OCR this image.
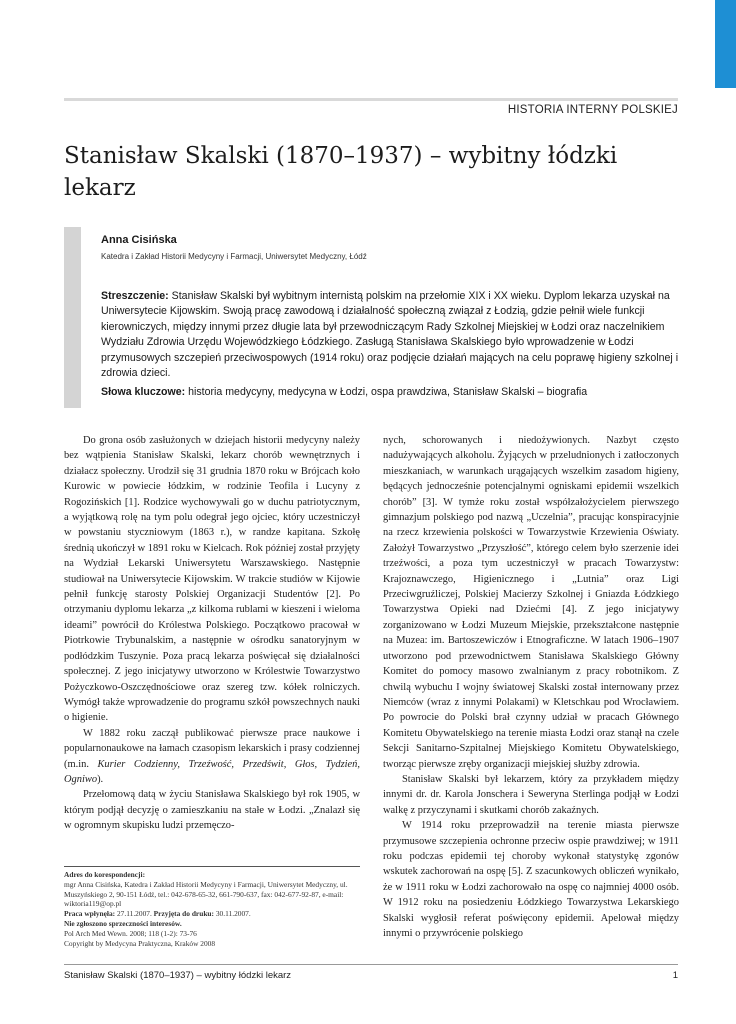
HISTORIA INTERNY POLSKIEJ
Stanisław Skalski (1870–1937) – wybitny łódzki lekarz
Anna Cisińska
Katedra i Zakład Historii Medycyny i Farmacji, Uniwersytet Medyczny, Łódź

Streszczenie: Stanisław Skalski był wybitnym internistą polskim na przełomie XIX i XX wieku. Dyplom lekarza uzyskał na Uniwersytecie Kijowskim. Swoją pracę zawodową i działalność społeczną związał z Łodzią, gdzie pełnił wiele funkcji kierowniczych, między innymi przez długie lata był przewodniczącym Rady Szkolnej Miejskiej w Łodzi oraz naczelnikiem Wydziału Zdrowia Urzędu Wojewódzkiego Łódzkiego. Zasługą Stanisława Skalskiego było wprowadzenie w Łodzi przymusowych szczepień przeciwospowych (1914 roku) oraz podjęcie działań mających na celu poprawę higieny szkolnej i zdrowia dzieci.

Słowa kluczowe: historia medycyny, medycyna w Łodzi, ospa prawdziwa, Stanisław Skalski – biografia

Do grona osób zasłużonych w dziejach historii medycyny należy bez wątpienia Stanisław Skalski, lekarz chorób wewnętrznych i działacz społeczny. Urodził się 31 grudnia 1870 roku w Brójcach koło Kurowic w powiecie łódzkim, w rodzinie Teofila i Lucyny z Rogozińskich [1]. Rodzice wychowywali go w duchu patriotycznym, a wyjątkową rolę na tym polu odegrał jego ojciec, który uczestniczył w powstaniu styczniowym (1863 r.), w randze kapitana. Szkołę średnią ukończył w 1891 roku w Kielcach. Rok później został przyjęty na Wydział Lekarski Uniwersytetu Warszawskiego. Następnie studiował na Uniwersytecie Kijowskim. W trakcie studiów w Kijowie pełnił funkcję starosty Polskiej Organizacji Studentów [2]. Po otrzymaniu dyplomu lekarza „z kilkoma rublami w kieszeni i wieloma ideami” powrócił do Królestwa Polskiego. Początkowo pracował w Piotrkowie Trybunalskim, a następnie w ośrodku sanatoryjnym w podłódzkim Tuszynie. Poza pracą lekarza poświęcał się działalności społecznej. Z jego inicjatywy utworzono w Królestwie Towarzystwo Pożyczkowo-Oszczędnościowe oraz szereg tzw. kółek rolniczych. Wymógł także wprowadzenie do programu szkół powszechnych nauki o higienie.

W 1882 roku zaczął publikować pierwsze prace naukowe i popularnonaukowe na łamach czasopism lekarskich i prasy codziennej (m.in. Kurier Codzienny, Trzeźwość, Przedświt, Głos, Tydzień, Ogniwo).

Przełomową datą w życiu Stanisława Skalskiego był rok 1905, w którym podjął decyzję o zamieszkaniu na stałe w Łodzi. „Znalazł się w ogromnym skupisku ludzi przemęczo-

nych, schorowanych i niedożywionych. Nazbyt często nadużywających alkoholu. Żyjących w przeludnionych i zatłoczonych mieszkaniach, w warunkach urągających wszelkim zasadom higieny, będących jednocześnie potencjalnymi ogniskami epidemii wszelkich chorób” [3]. W tymże roku został współzałożycielem pierwszego gimnazjum polskiego pod nazwą „Uczelnia”, pracując konspiracyjnie na rzecz krzewienia polskości w Towarzystwie Krzewienia Oświaty. Założył Towarzystwo „Przyszłość”, którego celem było szerzenie idei trzeźwości, a poza tym uczestniczył w pracach Towarzystw: Krajoznawczego, Higienicznego i „Lutnia” oraz Ligi Przeciwgruźliczej, Polskiej Macierzy Szkolnej i Gniazda Łódzkiego Towarzystwa Opieki nad Dziećmi [4]. Z jego inicjatywy zorganizowano w Łodzi Muzeum Miejskie, przekształcone następnie na Muzea: im. Bartoszewiczów i Etnograficzne. W latach 1906–1907 utworzono pod przewodnictwem Stanisława Skalskiego Główny Komitet do pomocy masowo zwalnianym z pracy robotnikom. Z chwilą wybuchu I wojny światowej Skalski został internowany przez Niemców (wraz z innymi Polakami) w Kletschkau pod Wrocławiem. Po powrocie do Polski brał czynny udział w pracach Głównego Komitetu Obywatelskiego na terenie miasta Łodzi oraz stanął na czele Sekcji Sanitarno-Szpitalnej Miejskiego Komitetu Obywatelskiego, tworząc pierwsze zręby organizacji miejskiej służby zdrowia.

Stanisław Skalski był lekarzem, który za przykładem między innymi dr. dr. Karola Jonschera i Seweryna Sterlinga podjął w Łodzi walkę z przyczynami i skutkami chorób zakaźnych.

W 1914 roku przeprowadził na terenie miasta pierwsze przymusowe szczepienia ochronne przeciw ospie prawdziwej; w 1911 roku podczas epidemii tej choroby wykonał statystykę zgonów wskutek zachorowań na ospę [5]. Z szacunkowych obliczeń wynikało, że w 1911 roku w Łodzi zachorowało na ospę co najmniej 4000 osób. W 1912 roku na posiedzeniu Łódzkiego Towarzystwa Lekarskiego Skalski wygłosił referat poświęcony epidemii. Apelował między innymi o przywrócenie polskiego

Adres do korespondencji:
mgr Anna Cisińska, Katedra i Zakład Historii Medycyny i Farmacji, Uniwersytet Medyczny, ul. Muszyńskiego 2, 90-151 Łódź, tel.: 042-678-65-32, 661-790-637, fax: 042-677-92-87, e-mail: wiktoria119@op.pl
Praca wpłynęła: 27.11.2007. Przyjęta do druku: 30.11.2007.
Nie zgłoszono sprzeczności interesów.
Pol Arch Med Wewn. 2008; 118 (1-2): 73-76
Copyright by Medycyna Praktyczna, Kraków 2008
Stanisław Skalski (1870–1937) – wybitny łódzki lekarz	1
